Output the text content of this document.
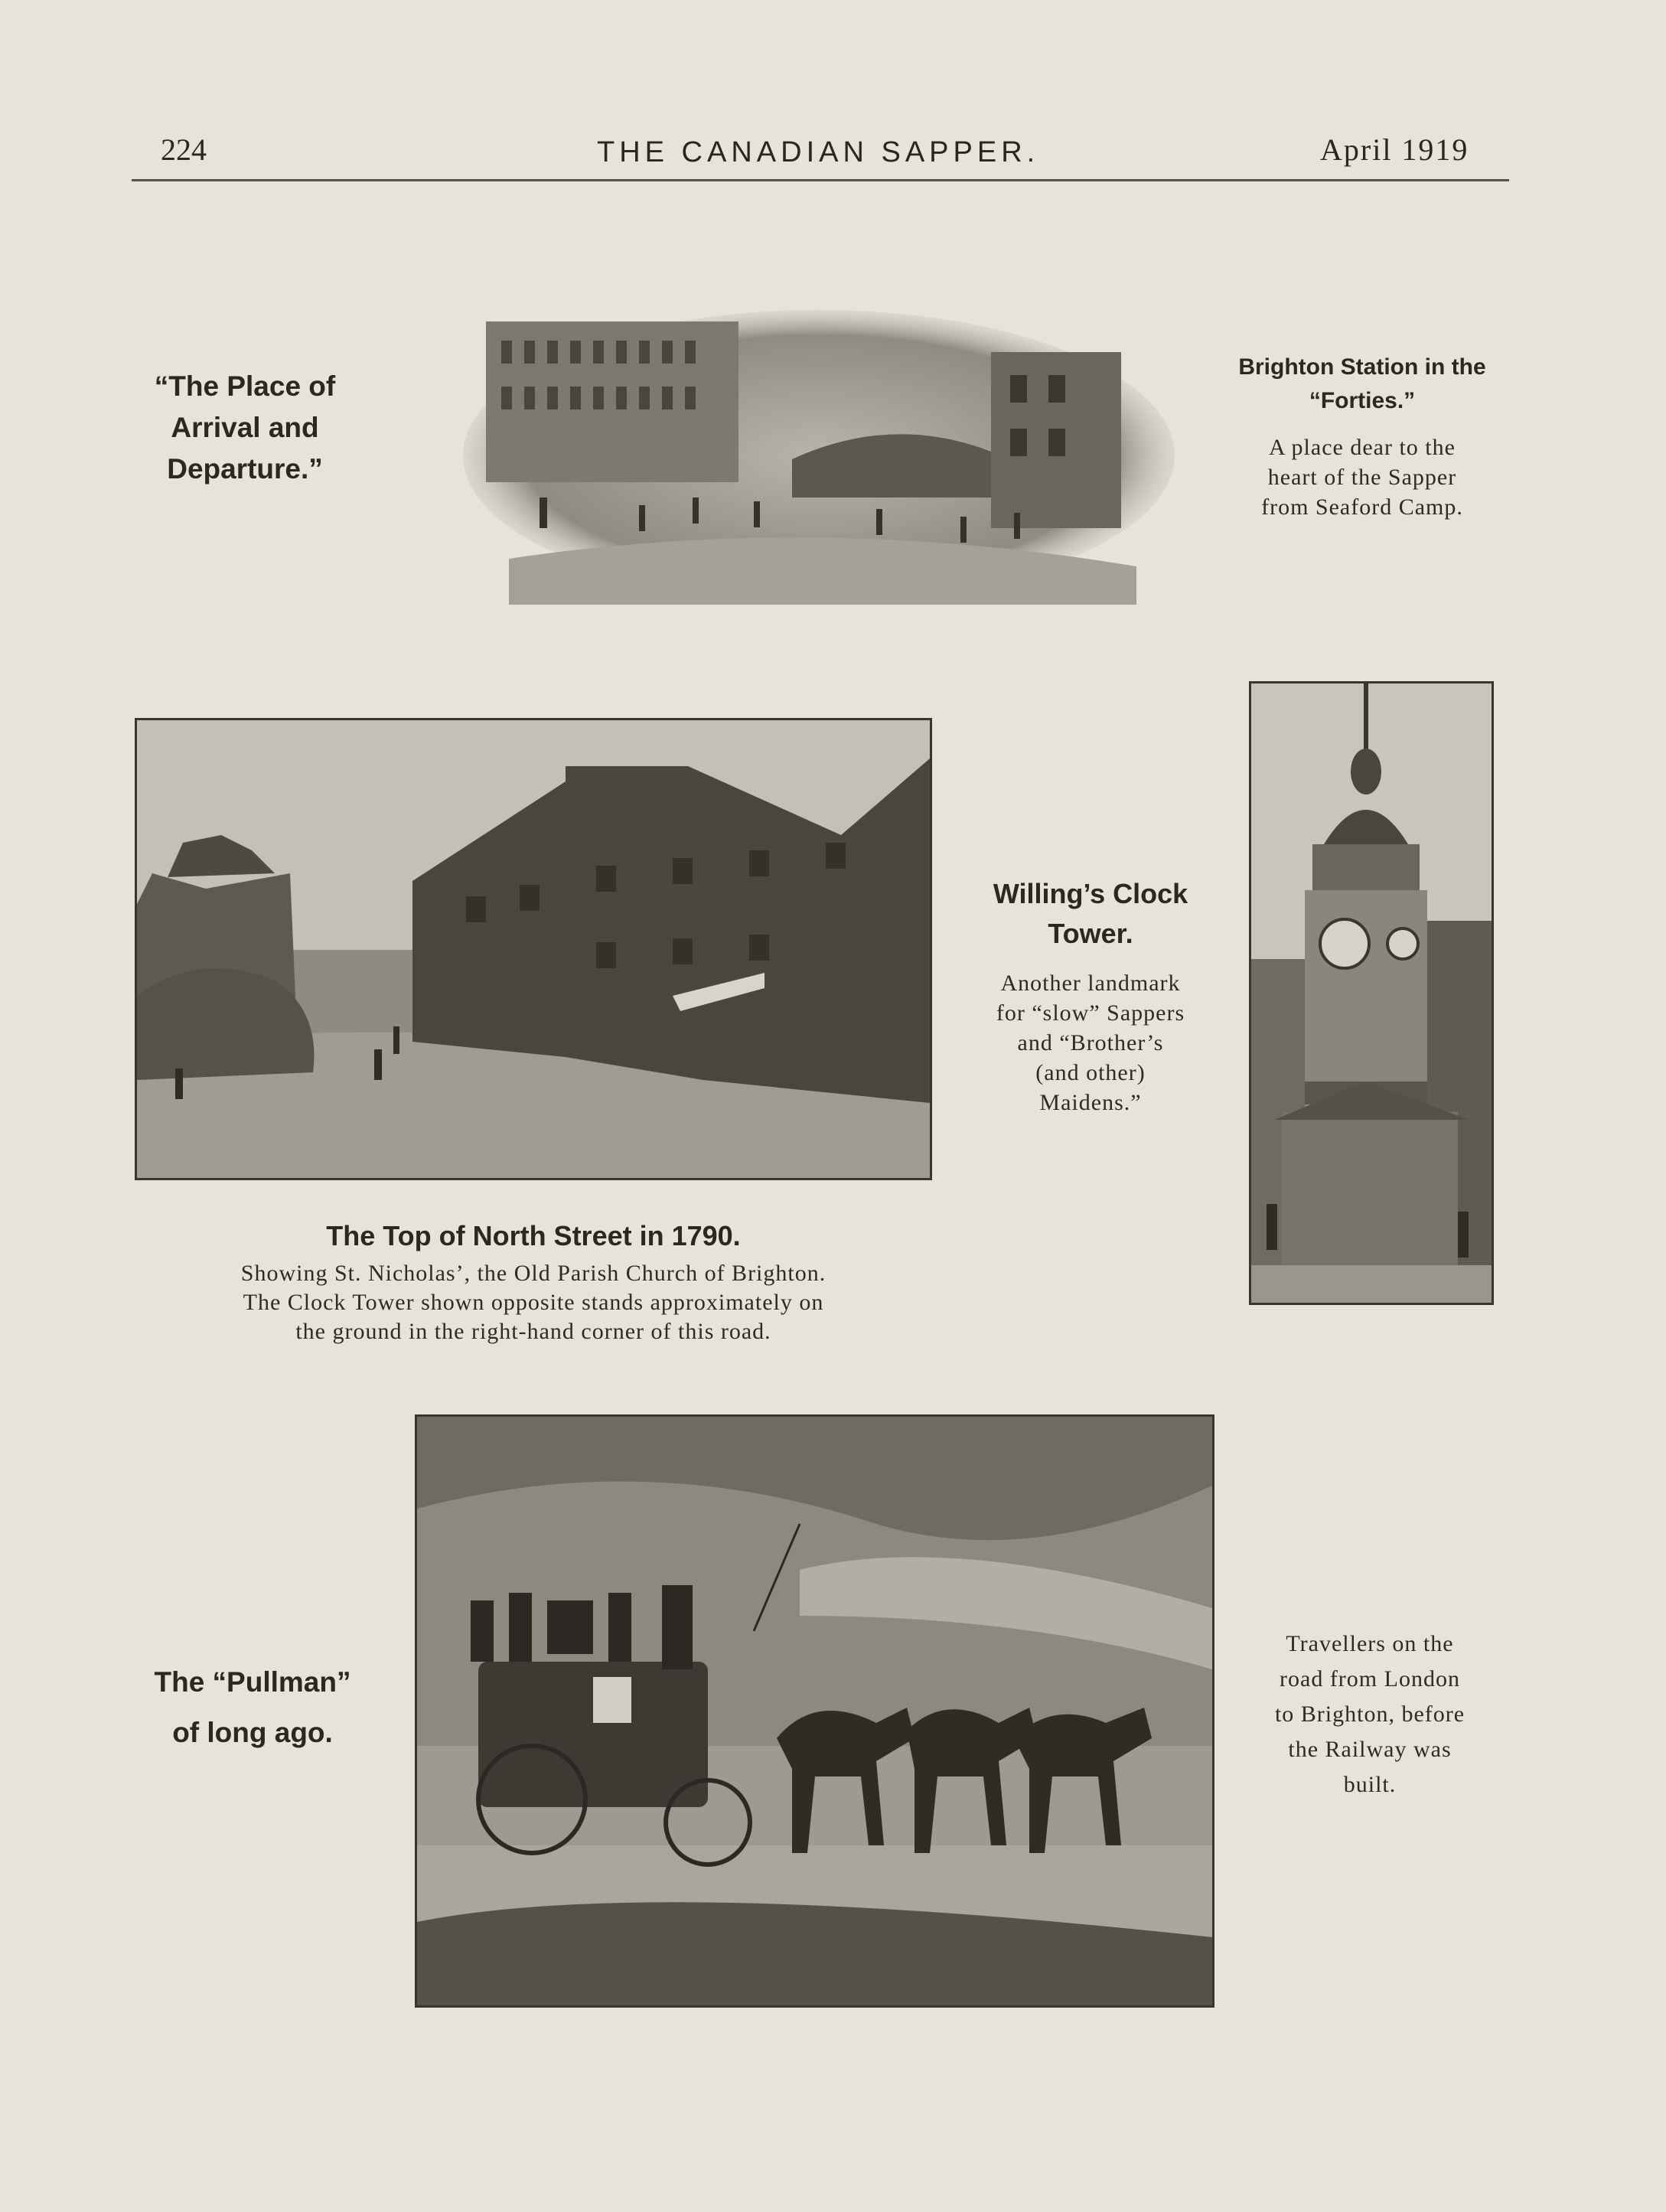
224	THE CANADIAN SAPPER.	April 1919
“The Place of
Arrival and
Departure.”
Brighton Station in the
“Forties.”
A place dear to the
heart of the Sapper
from Seaford Camp.
Willing’s Clock
Tower.
Another landmark
for “slow” Sappers
and “Brother’s
(and other)
Maidens.”
The Top of North Street in 1790.
Showing St. Nicholas’, the Old Parish Church of Brighton.
The Clock Tower shown opposite stands approximately on
the ground in the right-hand corner of this road.
The “Pullman”
of long ago.
Travellers on the
road from London
to Brighton, before
the Railway was
built.
